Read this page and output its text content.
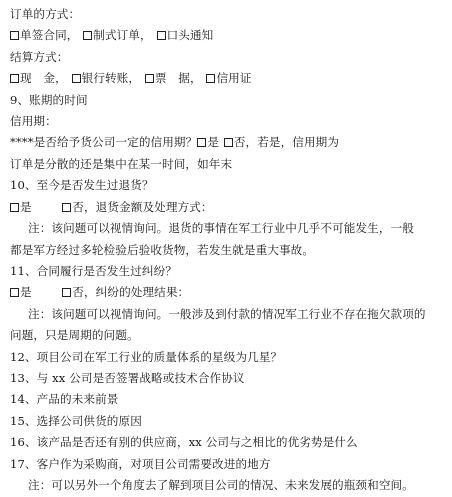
订单的方式：
单签合同， 制式订单， 口头通知
结算方式：
现　金， 银行转账， 票　据， 信用证
9、账期的时间
信用期：
****是否给予货公司一定的信用期？ 是 否，若是，信用期为
订单是分散的还是集中在某一时间，如年末
10、至今是否发生过退货？
是	否，退货金额及处理方式：
注：该问题可以视情询问。退货的事情在军工行业中几乎不可能发生，一般
都是军方经过多轮检验后验收货物，若发生就是重大事故。
11、合同履行是否发生过纠纷？
是	否，纠纷的处理结果：
注：该问题可以视情询问。一般涉及到付款的情况军工行业不存在拖欠款项的
问题，只是周期的问题。
12、项目公司在军工行业的质量体系的星级为几星？
13、与 xx 公司是否签署战略或技术合作协议
14、产品的未来前景
15、选择公司供货的原因
16、该产品是否还有别的供应商，xx 公司与之相比的优劣势是什么
17、客户作为采购商，对项目公司需要改进的地方
注：可以另外一个角度去了解到项目公司的情况、未来发展的瓶颈和空间。
